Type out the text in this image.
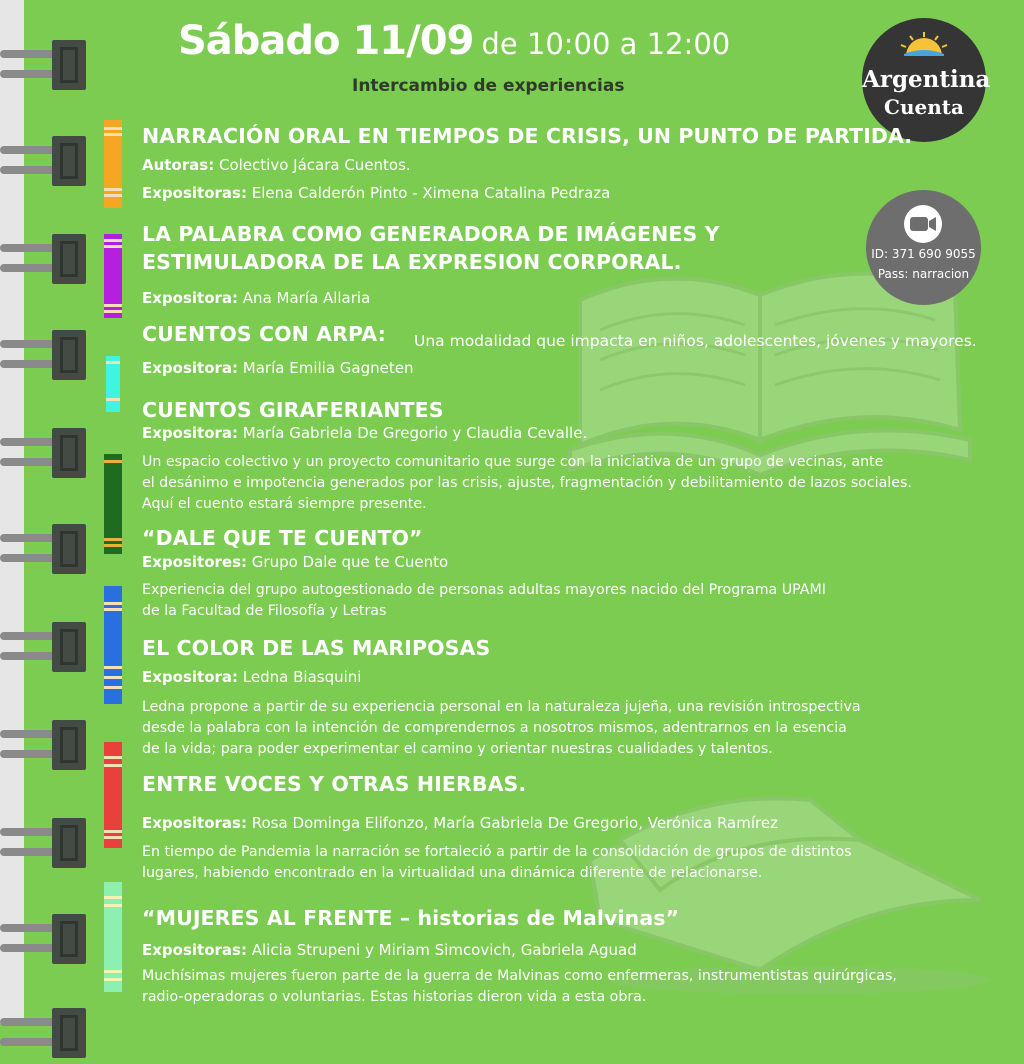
Sábado 11/09 de 10:00 a 12:00
Intercambio de experiencias	Argentina
Cuenta
ID: 371 690 9055
Pass: narracion
NARRACIÓN ORAL EN TIEMPOS DE CRISIS, UN PUNTO DE PARTIDA.
Autoras: Colectivo Jácara Cuentos.
Expositoras: Elena Calderón Pinto - Ximena Catalina Pedraza
LA PALABRA COMO GENERADORA DE IMÁGENES Y
ESTIMULADORA DE LA EXPRESION CORPORAL.
Expositora: Ana María Allaria
CUENTOS CON ARPA: Una modalidad que impacta en niños, adolescentes, jóvenes y mayores.
Expositora: María Emilia Gagneten
CUENTOS GIRAFERIANTES
Expositora: María Gabriela De Gregorio y Claudia Cevalle.
Un espacio colectivo y un proyecto comunitario que surge con la iniciativa de un grupo de vecinas, ante
el desánimo e impotencia generados por las crisis, ajuste, fragmentación y debilitamiento de lazos sociales.
Aquí el cuento estará siempre presente.
“DALE QUE TE CUENTO”
Expositores: Grupo Dale que te Cuento
Experiencia del grupo autogestionado de personas adultas mayores nacido del Programa UPAMI
de la Facultad de Filosofía y Letras
EL COLOR DE LAS MARIPOSAS
Expositora: Ledna Biasquini
Ledna propone a partir de su experiencia personal en la naturaleza jujeña, una revisión introspectiva
desde la palabra con la intención de comprendernos a nosotros mismos, adentrarnos en la esencia
de la vida; para poder experimentar el camino y orientar nuestras cualidades y talentos.
ENTRE VOCES Y OTRAS HIERBAS.
Expositoras: Rosa Dominga Elifonzo, María Gabriela De Gregorio, Verónica Ramírez
En tiempo de Pandemia la narración se fortaleció a partir de la consolidación de grupos de distintos
lugares, habiendo encontrado en la virtualidad una dinámica diferente de relacionarse.
“MUJERES AL FRENTE – historias de Malvinas”
Expositoras: Alicia Strupeni y Miriam Simcovich, Gabriela Aguad
Muchísimas mujeres fueron parte de la guerra de Malvinas como enfermeras, instrumentistas quirúrgicas,
radio-operadoras o voluntarias. Estas historias dieron vida a esta obra.
